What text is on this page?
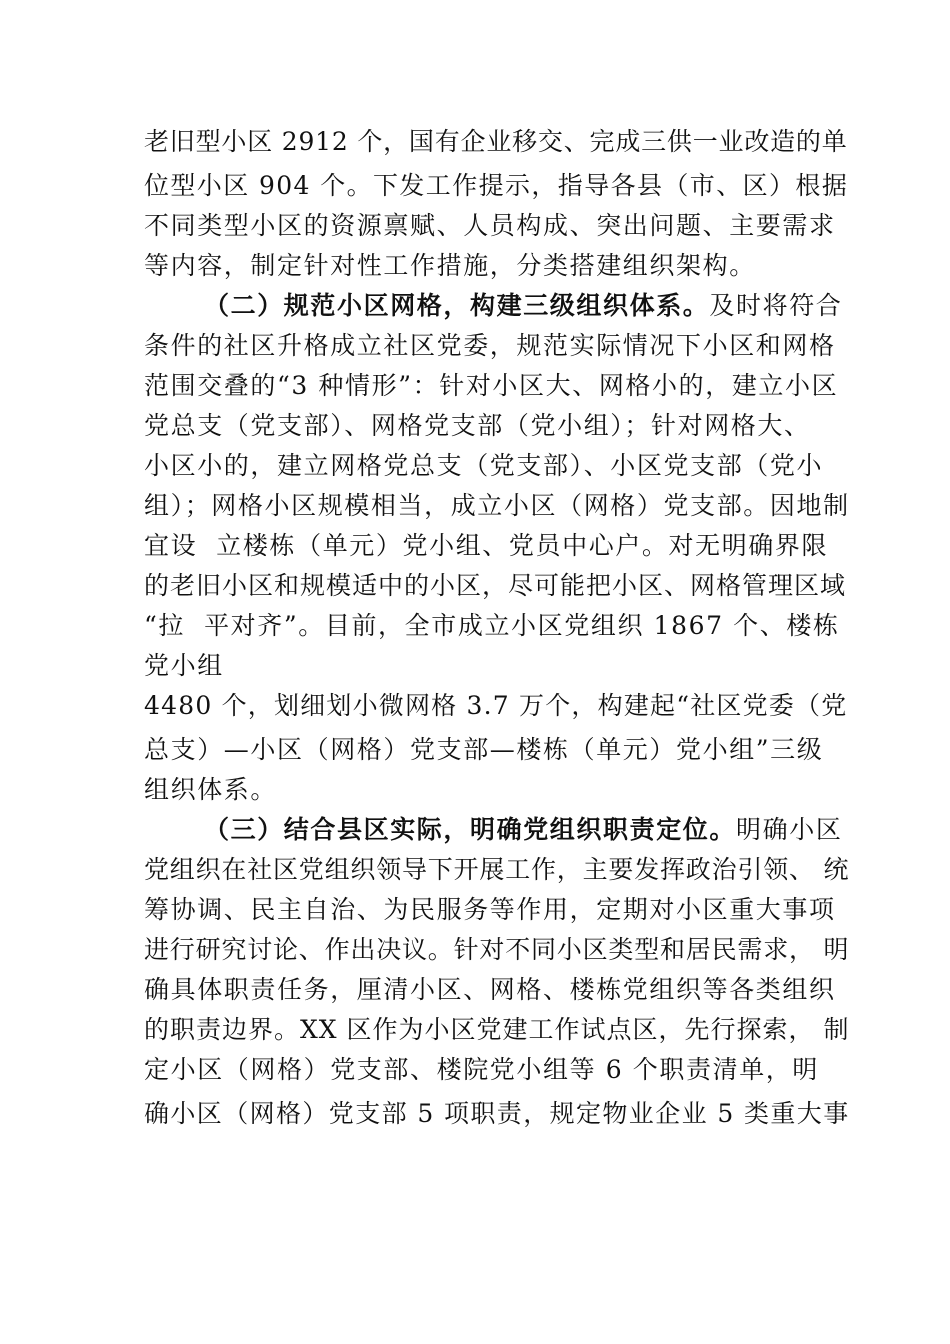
老旧型小区 2912 个，国有企业移交、完成三供一业改造的单
位型小区 904 个。下发工作提示，指导各县（市、区）根据
不同类型小区的资源禀赋、人员构成、突出问题、主要需求
等内容，制定针对性工作措施，分类搭建组织架构。
（二）规范小区网格，构建三级组织体系。及时将符合
条件的社区升格成立社区党委，规范实际情况下小区和网格
范围交叠的“3 种情形”：针对小区大、网格小的，建立小区
党总支（党支部）、网格党支部（党小组）；针对网格大、
小区小的，建立网格党总支（党支部）、小区党支部（党小
组）；网格小区规模相当，成立小区（网格）党支部。因地制
宜设  立楼栋（单元）党小组、党员中心户。对无明确界限
的老旧小区和规模适中的小区，尽可能把小区、网格管理区域
“拉  平对齐”。目前，全市成立小区党组织 1867 个、楼栋
党小组
4480 个，划细划小微网格 3.7 万个，构建起“社区党委（党
总支）—小区（网格）党支部—楼栋（单元）党小组”三级
组织体系。
（三）结合县区实际，明确党组织职责定位。明确小区
党组织在社区党组织领导下开展工作，主要发挥政治引领、 统
筹协调、民主自治、为民服务等作用，定期对小区重大事项
进行研究讨论、作出决议。针对不同小区类型和居民需求， 明
确具体职责任务，厘清小区、网格、楼栋党组织等各类组织
的职责边界。XX 区作为小区党建工作试点区，先行探索， 制
定小区（网格）党支部、楼院党小组等 6 个职责清单，明
确小区（网格）党支部 5 项职责，规定物业企业 5 类重大事
